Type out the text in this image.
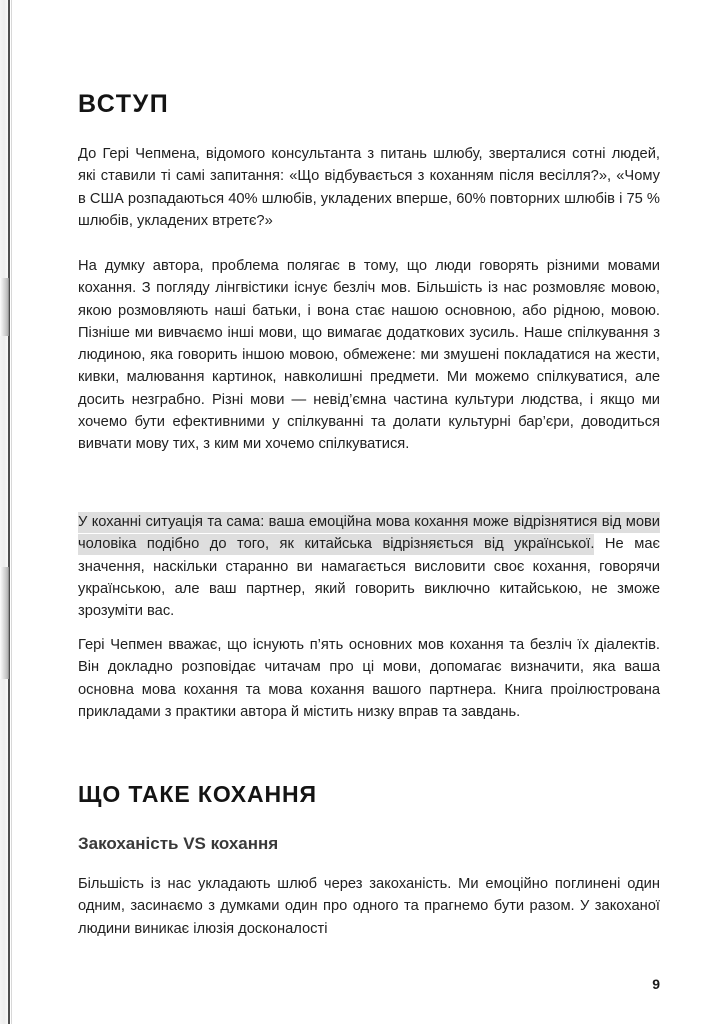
ВСТУП

До Гері Чепмена, відомого консультанта з питань шлюбу, зверталися сотні людей, які ставили ті самі запитання: «Що відбувається з коханням після весілля?», «Чому в США розпадаються 40% шлюбів, укладених вперше, 60% повторних шлюбів і 75 % шлюбів, укладених втретє?»

На думку автора, проблема полягає в тому, що люди говорять різними мовами кохання. З погляду лінгвістики існує безліч мов. Більшість із нас розмовляє мовою, якою розмовляють наші батьки, і вона стає нашою основною, або рідною, мовою. Пізніше ми вивчаємо інші мови, що вимагає додаткових зусиль. Наше спілкування з людиною, яка говорить іншою мовою, обмежене: ми змушені покладатися на жести, кивки, малювання картинок, навколишні предмети. Ми можемо спілкуватися, але досить незграбно. Різні мови — невід’ємна частина культури людства, і якщо ми хочемо бути ефективними у спілкуванні та долати культурні бар’єри, доводиться вивчати мову тих, з ким ми хочемо спілкуватися.

У коханні ситуація та сама: ваша емоційна мова кохання може відрізнятися від мови чоловіка подібно до того, як китайська відрізняється від української. Не має значення, наскільки старанно ви намагається висловити своє кохання, говорячи українською, але ваш партнер, який говорить виключно китайською, не зможе зрозуміти вас.

Гері Чепмен вважає, що існують п’ять основних мов кохання та безліч їх діалектів. Він докладно розповідає читачам про ці мови, допомагає визначити, яка ваша основна мова кохання та мова кохання вашого партнера. Книга проілюстрована прикладами з практики автора й містить низку вправ та завдань.

ЩО ТАКЕ КОХАННЯ
Закоханість VS кохання

Більшість із нас укладають шлюб через закоханість. Ми емоційно поглинені один одним, засинаємо з думками один про одного та прагнемо бути разом. У закоханої людини виникає ілюзія досконалості

9
